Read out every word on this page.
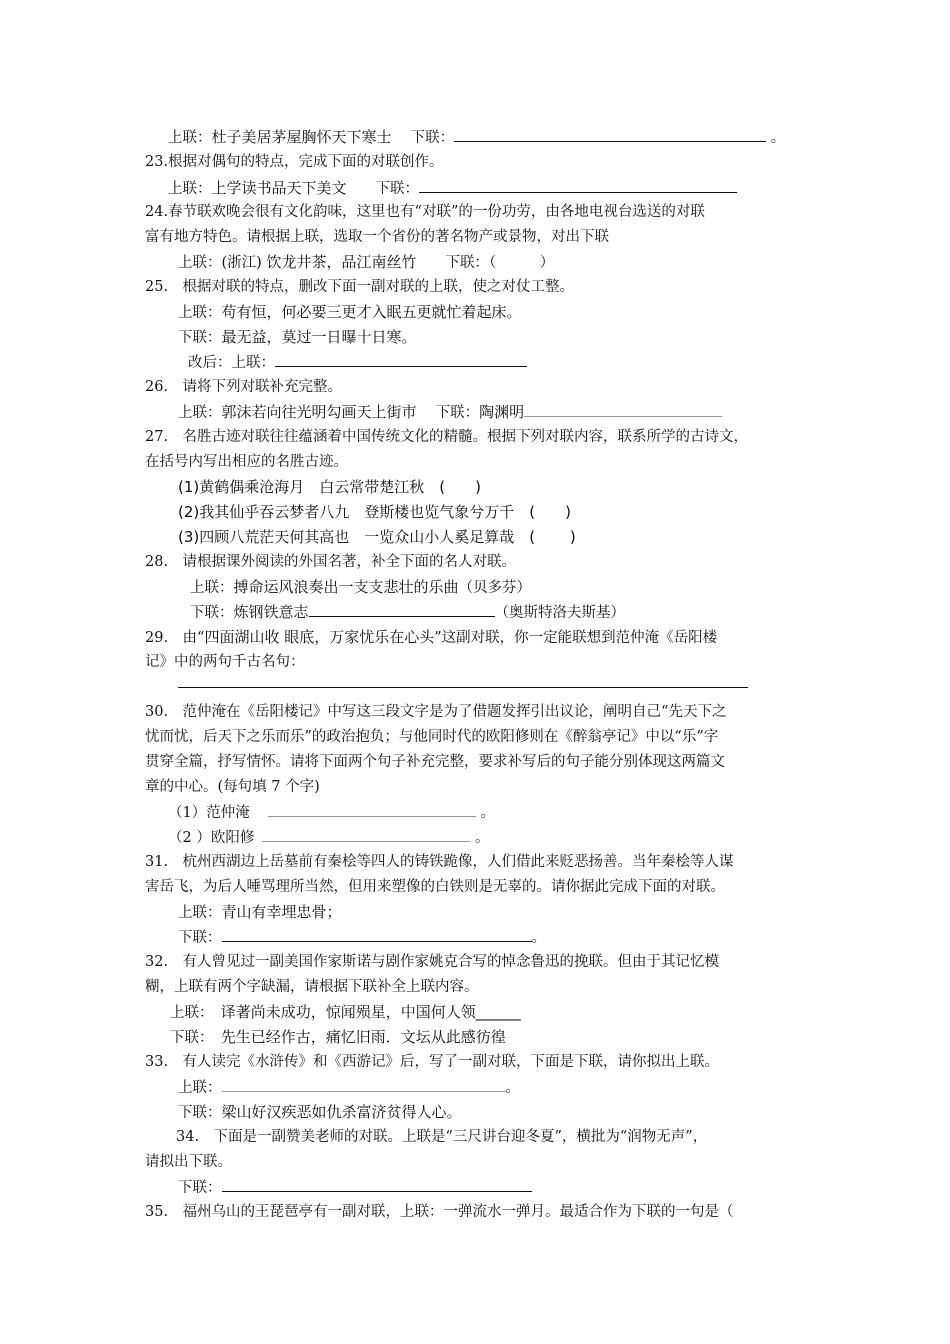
上联：杜子美居茅屋胸怀天下寒士　 下联：	。
23.根据对偶句的特点，完成下面的对联创作。
上联：上学读书品天下美文　　下联：
24.春节联欢晚会很有文化韵味，这里也有“对联”的一份功劳，由各地电视台选送的对联
富有地方特色。请根据上联，选取一个省份的著名物产或景物，对出下联
上联：(浙江) 饮龙井茶，品江南丝竹　　下联：（　　　）
25.　根据对联的特点，删改下面一副对联的上联，使之对仗工整。
上联：苟有恒，何必要三更才入眠五更就忙着起床。
下联：最无益，莫过一日曝十日寒。
改后：上联：
26.　请将下列对联补充完整。
上联：郭沫若向往光明勾画天上街市　 下联：陶渊明
27.　名胜古迹对联往往蕴涵着中国传统文化的精髓。根据下列对联内容，联系所学的古诗文，
在括号内写出相应的名胜古迹。
(1)黄鹤偶乘沧海月　白云常带楚江秋　(　　)
(2)我其仙乎吞云梦者八九　登斯楼也览气象兮万千　(　　)
(3)四顾八荒茫天何其高也　一览众山小人奚足算哉　(　　 )
28.　请根据课外阅读的外国名著，补全下面的名人对联。
上联：搏命运风浪奏出一支支悲壮的乐曲（贝多芬）
下联：炼钢铁意志	（奥斯特洛夫斯基）
29.　由“四面湖山收 眼底，万家忧乐在心头”这副对联，你一定能联想到范仲淹《岳阳楼
记》中的两句千古名句：
30.　范仲淹在《岳阳楼记》中写这三段文字是为了借题发挥引出议论，阐明自己“先天下之
忧而忧，后天下之乐而乐”的政治抱负；与他同时代的欧阳修则在《醉翁亭记》中以“乐”字
贯穿全篇，抒写情怀。请将下面两个句子补充完整，要求补写后的句子能分别体现这两篇文
章的中心。(每句填 7 个字)
（1）范仲淹	。
（2 ）欧阳修	。
31.　杭州西湖边上岳墓前有秦桧等四人的铸铁跪像，人们借此来贬恶扬善。当年秦桧等人谋
害岳飞，为后人唾骂理所当然，但用来塑像的白铁则是无辜的。请你据此完成下面的对联。
上联：青山有幸埋忠骨；
下联：	。
32.　有人曾见过一副美国作家斯诺与剧作家姚克合写的悼念鲁迅的挽联。但由于其记忆模
糊，上联有两个字缺漏，请根据下联补全上联内容。
上联：　译著尚未成功，惊闻殒星，中国何人领______
下联：　先生已经作古，痛忆旧雨．文坛从此感彷徨
33.　有人读完《水浒传》和《西游记》后，写了一副对联，下面是下联，请你拟出上联。
上联：	。
下联：梁山好汉疾恶如仇杀富济贫得人心。
34.　下面是一副赞美老师的对联。上联是“三尺讲台迎冬夏”，横批为“润物无声”，
请拟出下联。
下联：
35.　福州乌山的王琵琶亭有一副对联，上联：一弹流水一弹月。最适合作为下联的一句是（
